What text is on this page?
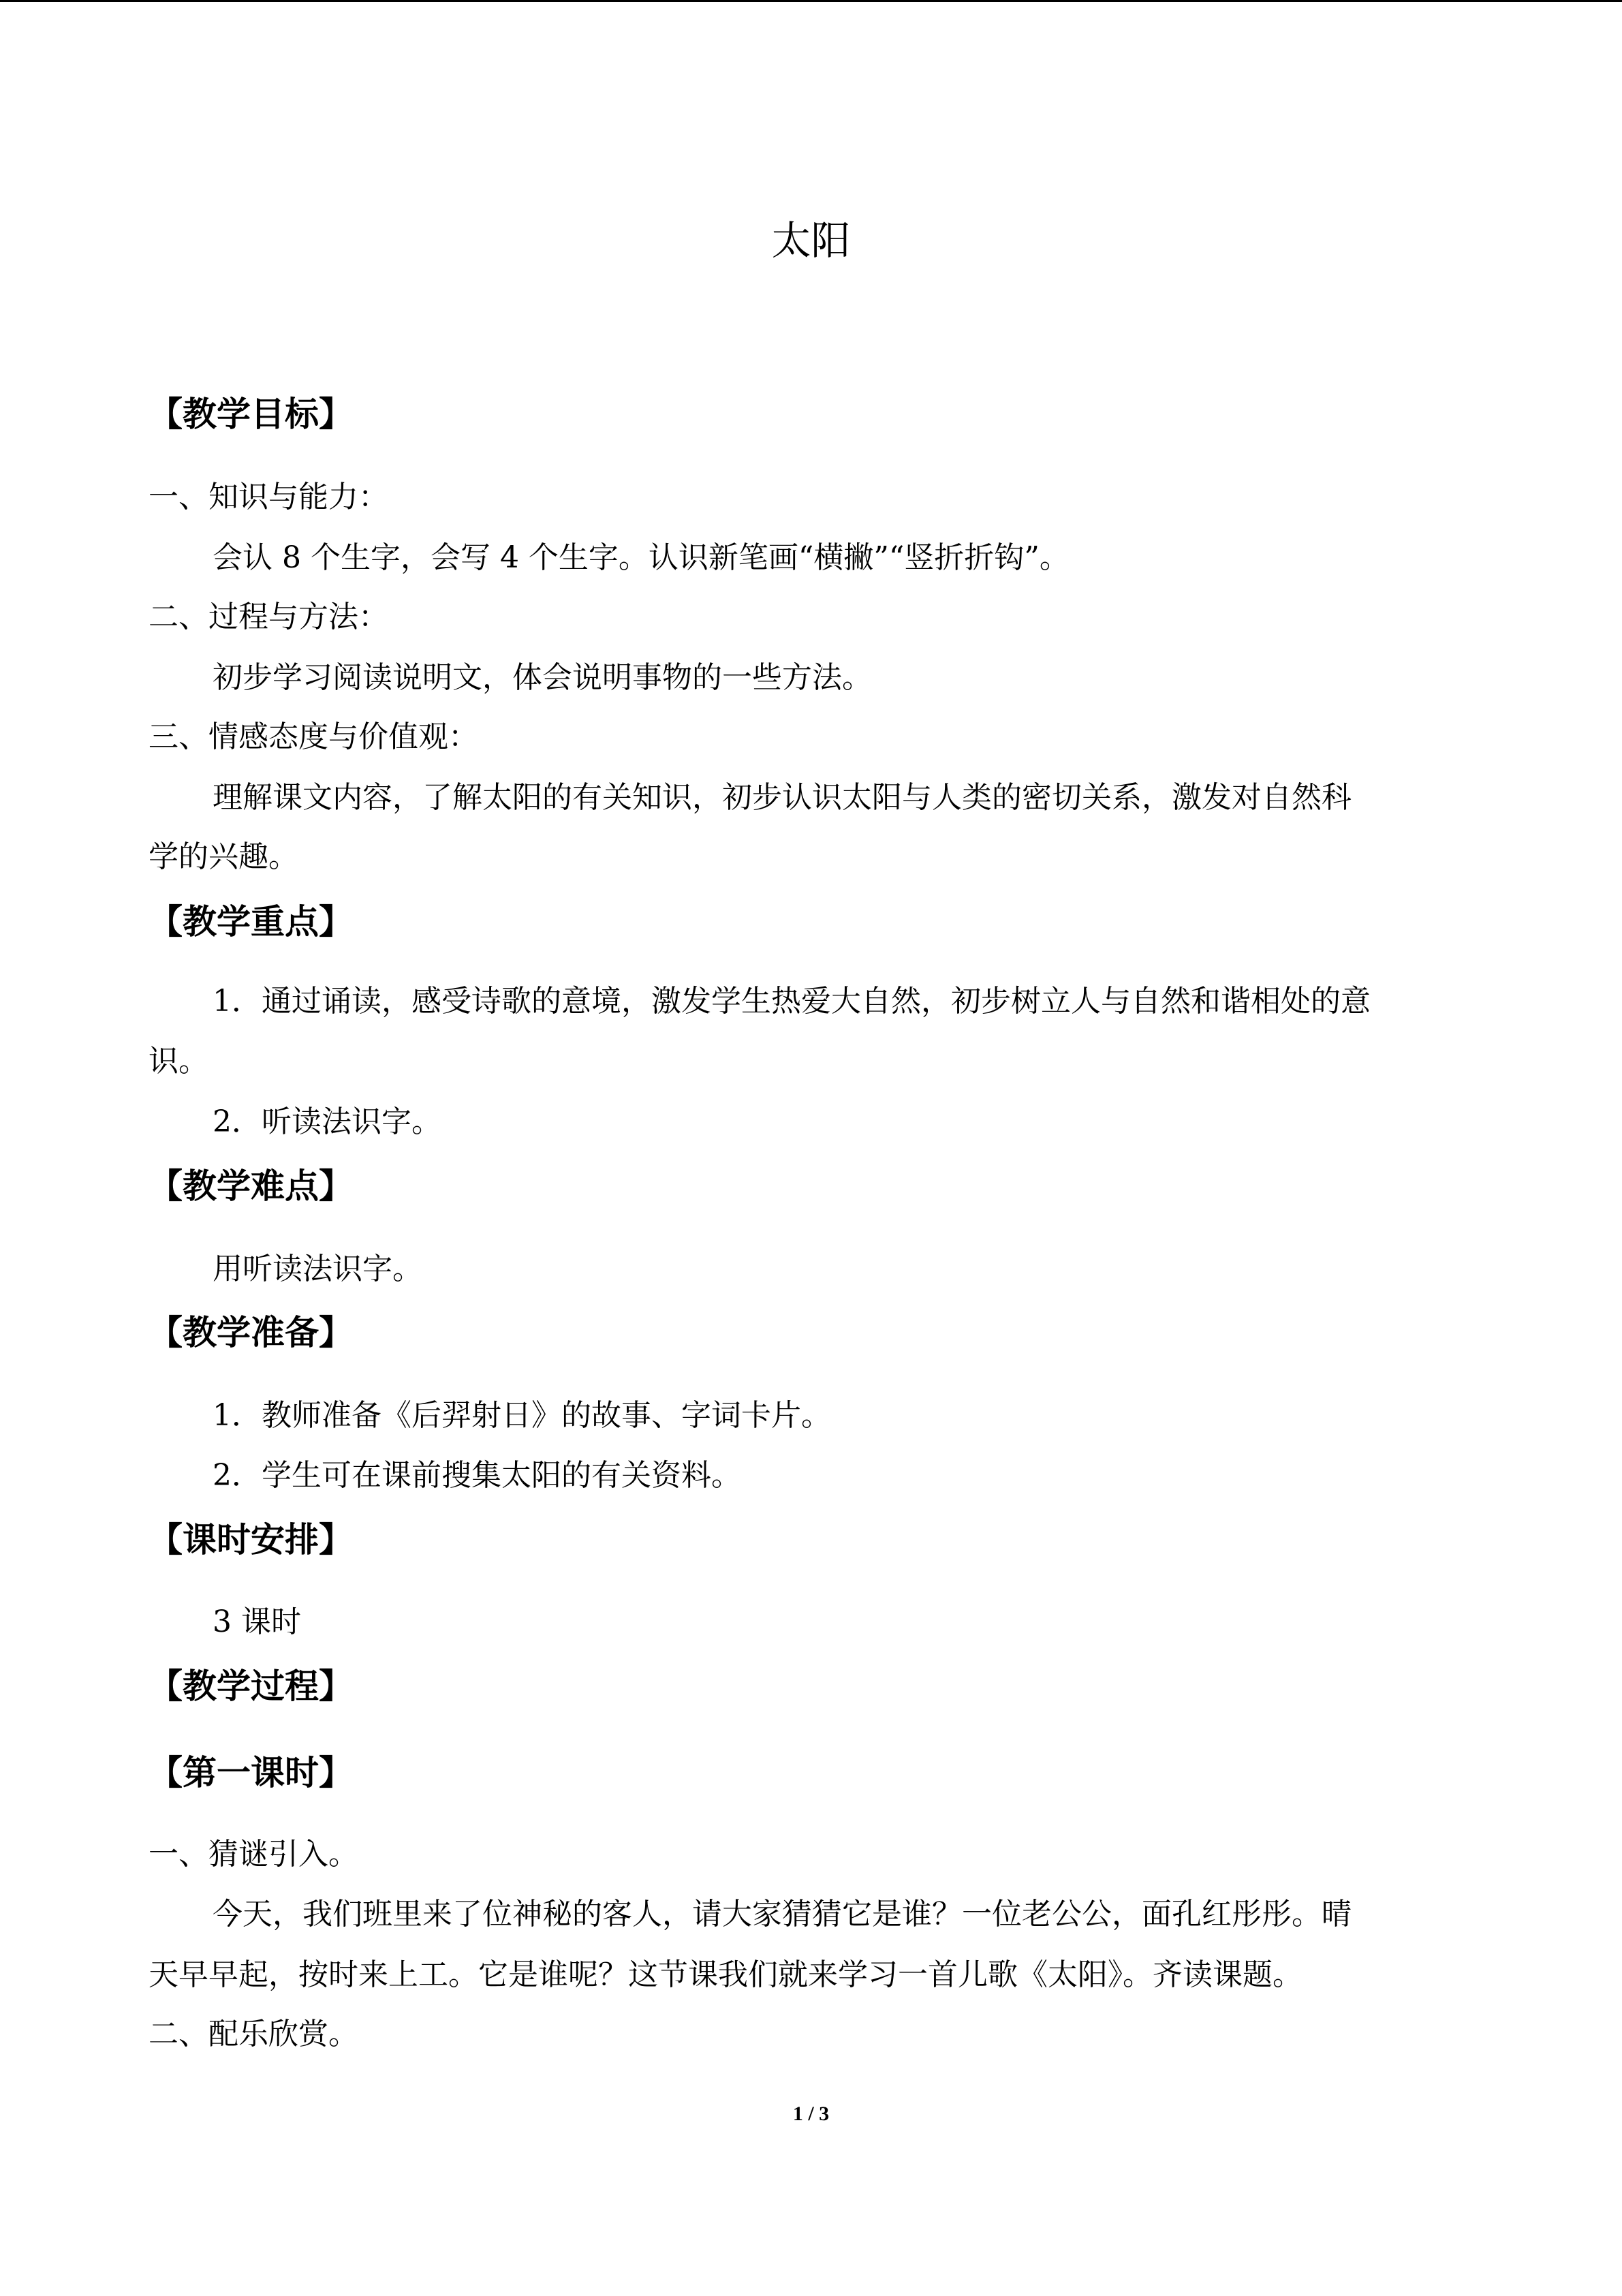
太阳
【教学目标】
一、知识与能力：
会认 8 个生字，会写 4 个生字。认识新笔画“横撇”“竖折折钩”。
二、过程与方法：
初步学习阅读说明文，体会说明事物的一些方法。
三、情感态度与价值观：
理解课文内容，了解太阳的有关知识，初步认识太阳与人类的密切关系，激发对自然科
学的兴趣。
【教学重点】
1．通过诵读，感受诗歌的意境，激发学生热爱大自然，初步树立人与自然和谐相处的意
识。
2．听读法识字。
【教学难点】
用听读法识字。
【教学准备】
1．教师准备《后羿射日》的故事、字词卡片。
2．学生可在课前搜集太阳的有关资料。
【课时安排】
3 课时
【教学过程】
【第一课时】
一、猜谜引入。
今天，我们班里来了位神秘的客人，请大家猜猜它是谁？一位老公公，面孔红彤彤。晴
天早早起，按时来上工。它是谁呢？这节课我们就来学习一首儿歌《太阳》。齐读课题。
二、配乐欣赏。
1 / 3
